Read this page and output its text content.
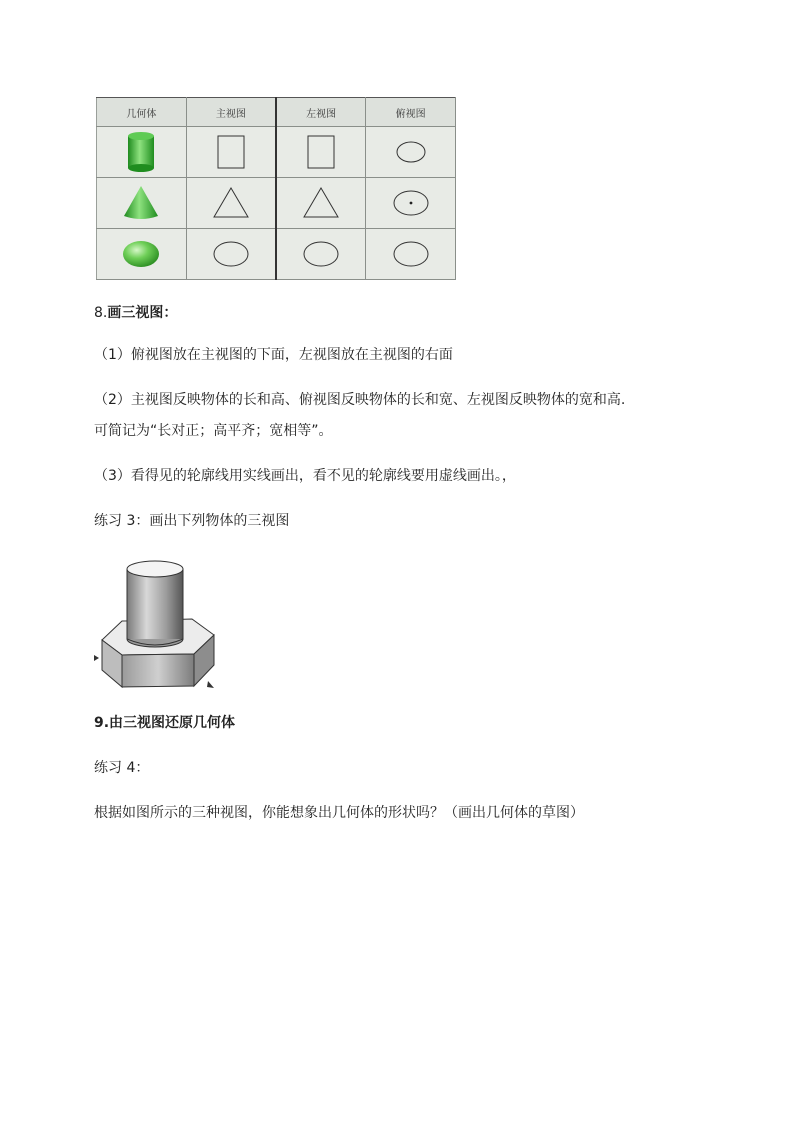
几何体	主视图	左视图	俯视图

8.画三视图：
（1）俯视图放在主视图的下面，左视图放在主视图的右面
（2）主视图反映物体的长和高、俯视图反映物体的长和宽、左视图反映物体的宽和高.
可简记为“长对正；高平齐；宽相等”。
（3）看得见的轮廓线用实线画出，看不见的轮廓线要用虚线画出。，
练习 3：画出下列物体的三视图
9.由三视图还原几何体
练习 4：
根据如图所示的三种视图，你能想象出几何体的形状吗？（画出几何体的草图）
